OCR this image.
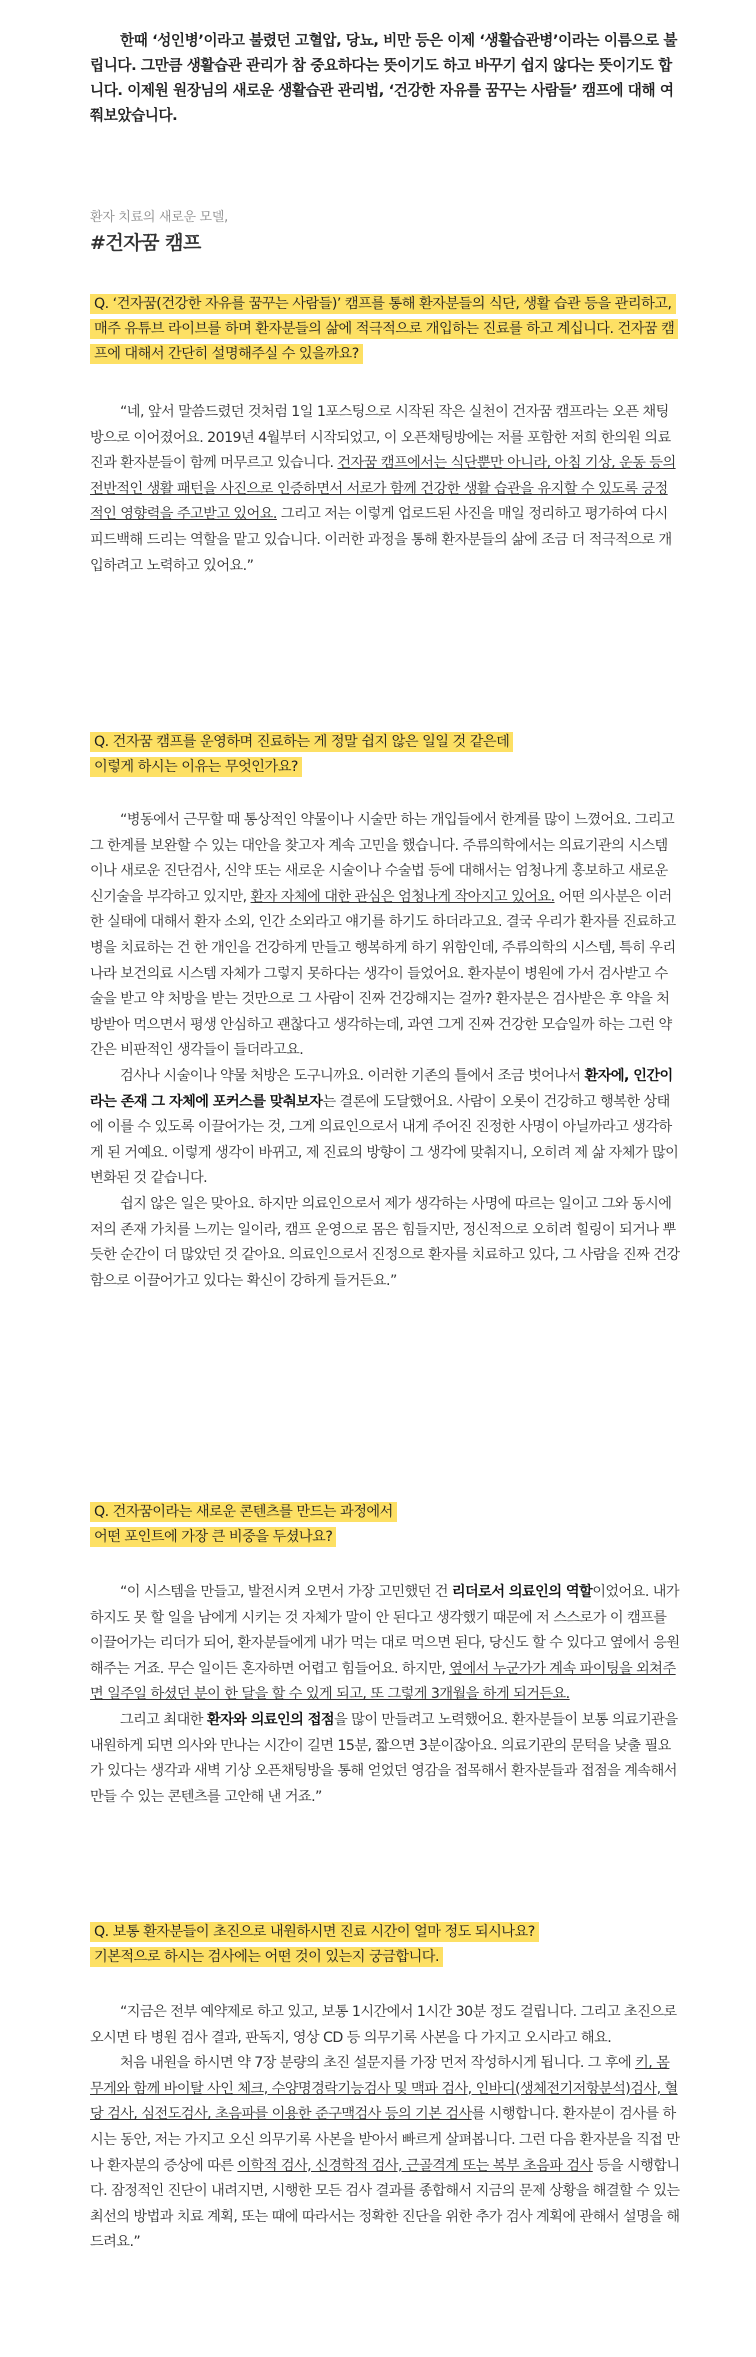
한때 ‘성인병’이라고 불렸던 고혈압, 당뇨, 비만 등은 이제 ‘생활습관병’이라는 이름으로 불립니다. 그만큼 생활습관 관리가 참 중요하다는 뜻이기도 하고 바꾸기 쉽지 않다는 뜻이기도 합니다. 이제원 원장님의 새로운 생활습관 관리법, ‘건강한 자유를 꿈꾸는 사람들’ 캠프에 대해 여쭤보았습니다.
환자 치료의 새로운 모델,
#건자꿈 캠프
Q. ‘건자꿈(건강한 자유를 꿈꾸는 사람들)’ 캠프를 통해 환자분들의 식단, 생활 습관 등을 관리하고, 매주 유튜브 라이브를 하며 환자분들의 삶에 적극적으로 개입하는 진료를 하고 계십니다. 건자꿈 캠프에 대해서 간단히 설명해주실 수 있을까요?

“네, 앞서 말씀드렸던 것처럼 1일 1포스팅으로 시작된 작은 실천이 건자꿈 캠프라는 오픈 채팅방으로 이어졌어요. 2019년 4월부터 시작되었고, 이 오픈채팅방에는 저를 포함한 저희 한의원 의료진과 환자분들이 함께 머무르고 있습니다. 건자꿈 캠프에서는 식단뿐만 아니라, 아침 기상, 운동 등의 전반적인 생활 패턴을 사진으로 인증하면서 서로가 함께 건강한 생활 습관을 유지할 수 있도록 긍정적인 영향력을 주고받고 있어요. 그리고 저는 이렇게 업로드된 사진을 매일 정리하고 평가하여 다시 피드백해 드리는 역할을 맡고 있습니다. 이러한 과정을 통해 환자분들의 삶에 조금 더 적극적으로 개입하려고 노력하고 있어요.”

Q. 건자꿈 캠프를 운영하며 진료하는 게 정말 쉽지 않은 일일 것 같은데
이렇게 하시는 이유는 무엇인가요?

“병동에서 근무할 때 통상적인 약물이나 시술만 하는 개입들에서 한계를 많이 느꼈어요. 그리고 그 한계를 보완할 수 있는 대안을 찾고자 계속 고민을 했습니다. 주류의학에서는 의료기관의 시스템이나 새로운 진단검사, 신약 또는 새로운 시술이나 수술법 등에 대해서는 엄청나게 홍보하고 새로운 신기술을 부각하고 있지만, 환자 자체에 대한 관심은 엄청나게 작아지고 있어요. 어떤 의사분은 이러한 실태에 대해서 환자 소외, 인간 소외라고 얘기를 하기도 하더라고요. 결국 우리가 환자를 진료하고 병을 치료하는 건 한 개인을 건강하게 만들고 행복하게 하기 위함인데, 주류의학의 시스템, 특히 우리나라 보건의료 시스템 자체가 그렇지 못하다는 생각이 들었어요. 환자분이 병원에 가서 검사받고 수술을 받고 약 처방을 받는 것만으로 그 사람이 진짜 건강해지는 걸까? 환자분은 검사받은 후 약을 처방받아 먹으면서 평생 안심하고 괜찮다고 생각하는데, 과연 그게 진짜 건강한 모습일까 하는 그런 약간은 비판적인 생각들이 들더라고요.

검사나 시술이나 약물 처방은 도구니까요. 이러한 기존의 틀에서 조금 벗어나서 환자에, 인간이라는 존재 그 자체에 포커스를 맞춰보자는 결론에 도달했어요. 사람이 오롯이 건강하고 행복한 상태에 이를 수 있도록 이끌어가는 것, 그게 의료인으로서 내게 주어진 진정한 사명이 아닐까라고 생각하게 된 거예요. 이렇게 생각이 바뀌고, 제 진료의 방향이 그 생각에 맞춰지니, 오히려 제 삶 자체가 많이 변화된 것 같습니다.

쉽지 않은 일은 맞아요. 하지만 의료인으로서 제가 생각하는 사명에 따르는 일이고 그와 동시에 저의 존재 가치를 느끼는 일이라, 캠프 운영으로 몸은 힘들지만, 정신적으로 오히려 힐링이 되거나 뿌듯한 순간이 더 많았던 것 같아요. 의료인으로서 진정으로 환자를 치료하고 있다, 그 사람을 진짜 건강함으로 이끌어가고 있다는 확신이 강하게 들거든요.”

Q. 건자꿈이라는 새로운 콘텐츠를 만드는 과정에서
어떤 포인트에 가장 큰 비중을 두셨나요?

“이 시스템을 만들고, 발전시켜 오면서 가장 고민했던 건 리더로서 의료인의 역할이었어요. 내가 하지도 못 할 일을 남에게 시키는 것 자체가 말이 안 된다고 생각했기 때문에 저 스스로가 이 캠프를 이끌어가는 리더가 되어, 환자분들에게 내가 먹는 대로 먹으면 된다, 당신도 할 수 있다고 옆에서 응원해주는 거죠. 무슨 일이든 혼자하면 어렵고 힘들어요. 하지만, 옆에서 누군가가 계속 파이팅을 외쳐주면 일주일 하셨던 분이 한 달을 할 수 있게 되고, 또 그렇게 3개월을 하게 되거든요.

그리고 최대한 환자와 의료인의 접점을 많이 만들려고 노력했어요. 환자분들이 보통 의료기관을 내원하게 되면 의사와 만나는 시간이 길면 15분, 짧으면 3분이잖아요. 의료기관의 문턱을 낮출 필요가 있다는 생각과 새벽 기상 오픈채팅방을 통해 얻었던 영감을 접목해서 환자분들과 접점을 계속해서 만들 수 있는 콘텐츠를 고안해 낸 거죠.”

Q. 보통 환자분들이 초진으로 내원하시면 진료 시간이 얼마 정도 되시나요?
기본적으로 하시는 검사에는 어떤 것이 있는지 궁금합니다.

“지금은 전부 예약제로 하고 있고, 보통 1시간에서 1시간 30분 정도 걸립니다. 그리고 초진으로 오시면 타 병원 검사 결과, 판독지, 영상 CD 등 의무기록 사본을 다 가지고 오시라고 해요.

처음 내원을 하시면 약 7장 분량의 초진 설문지를 가장 먼저 작성하시게 됩니다. 그 후에 키, 몸무게와 함께 바이탈 사인 체크, 수양명경락기능검사 및 맥파 검사, 인바디(생체전기저항분석)검사, 혈당 검사, 심전도검사, 초음파를 이용한 준구맥검사 등의 기본 검사를 시행합니다. 환자분이 검사를 하시는 동안, 저는 가지고 오신 의무기록 사본을 받아서 빠르게 살펴봅니다. 그런 다음 환자분을 직접 만나 환자분의 증상에 따른 이학적 검사, 신경학적 검사, 근골격계 또는 복부 초음파 검사 등을 시행합니다. 잠정적인 진단이 내려지면, 시행한 모든 검사 결과를 종합해서 지금의 문제 상황을 해결할 수 있는 최선의 방법과 치료 계획, 또는 때에 따라서는 정확한 진단을 위한 추가 검사 계획에 관해서 설명을 해드려요.”
